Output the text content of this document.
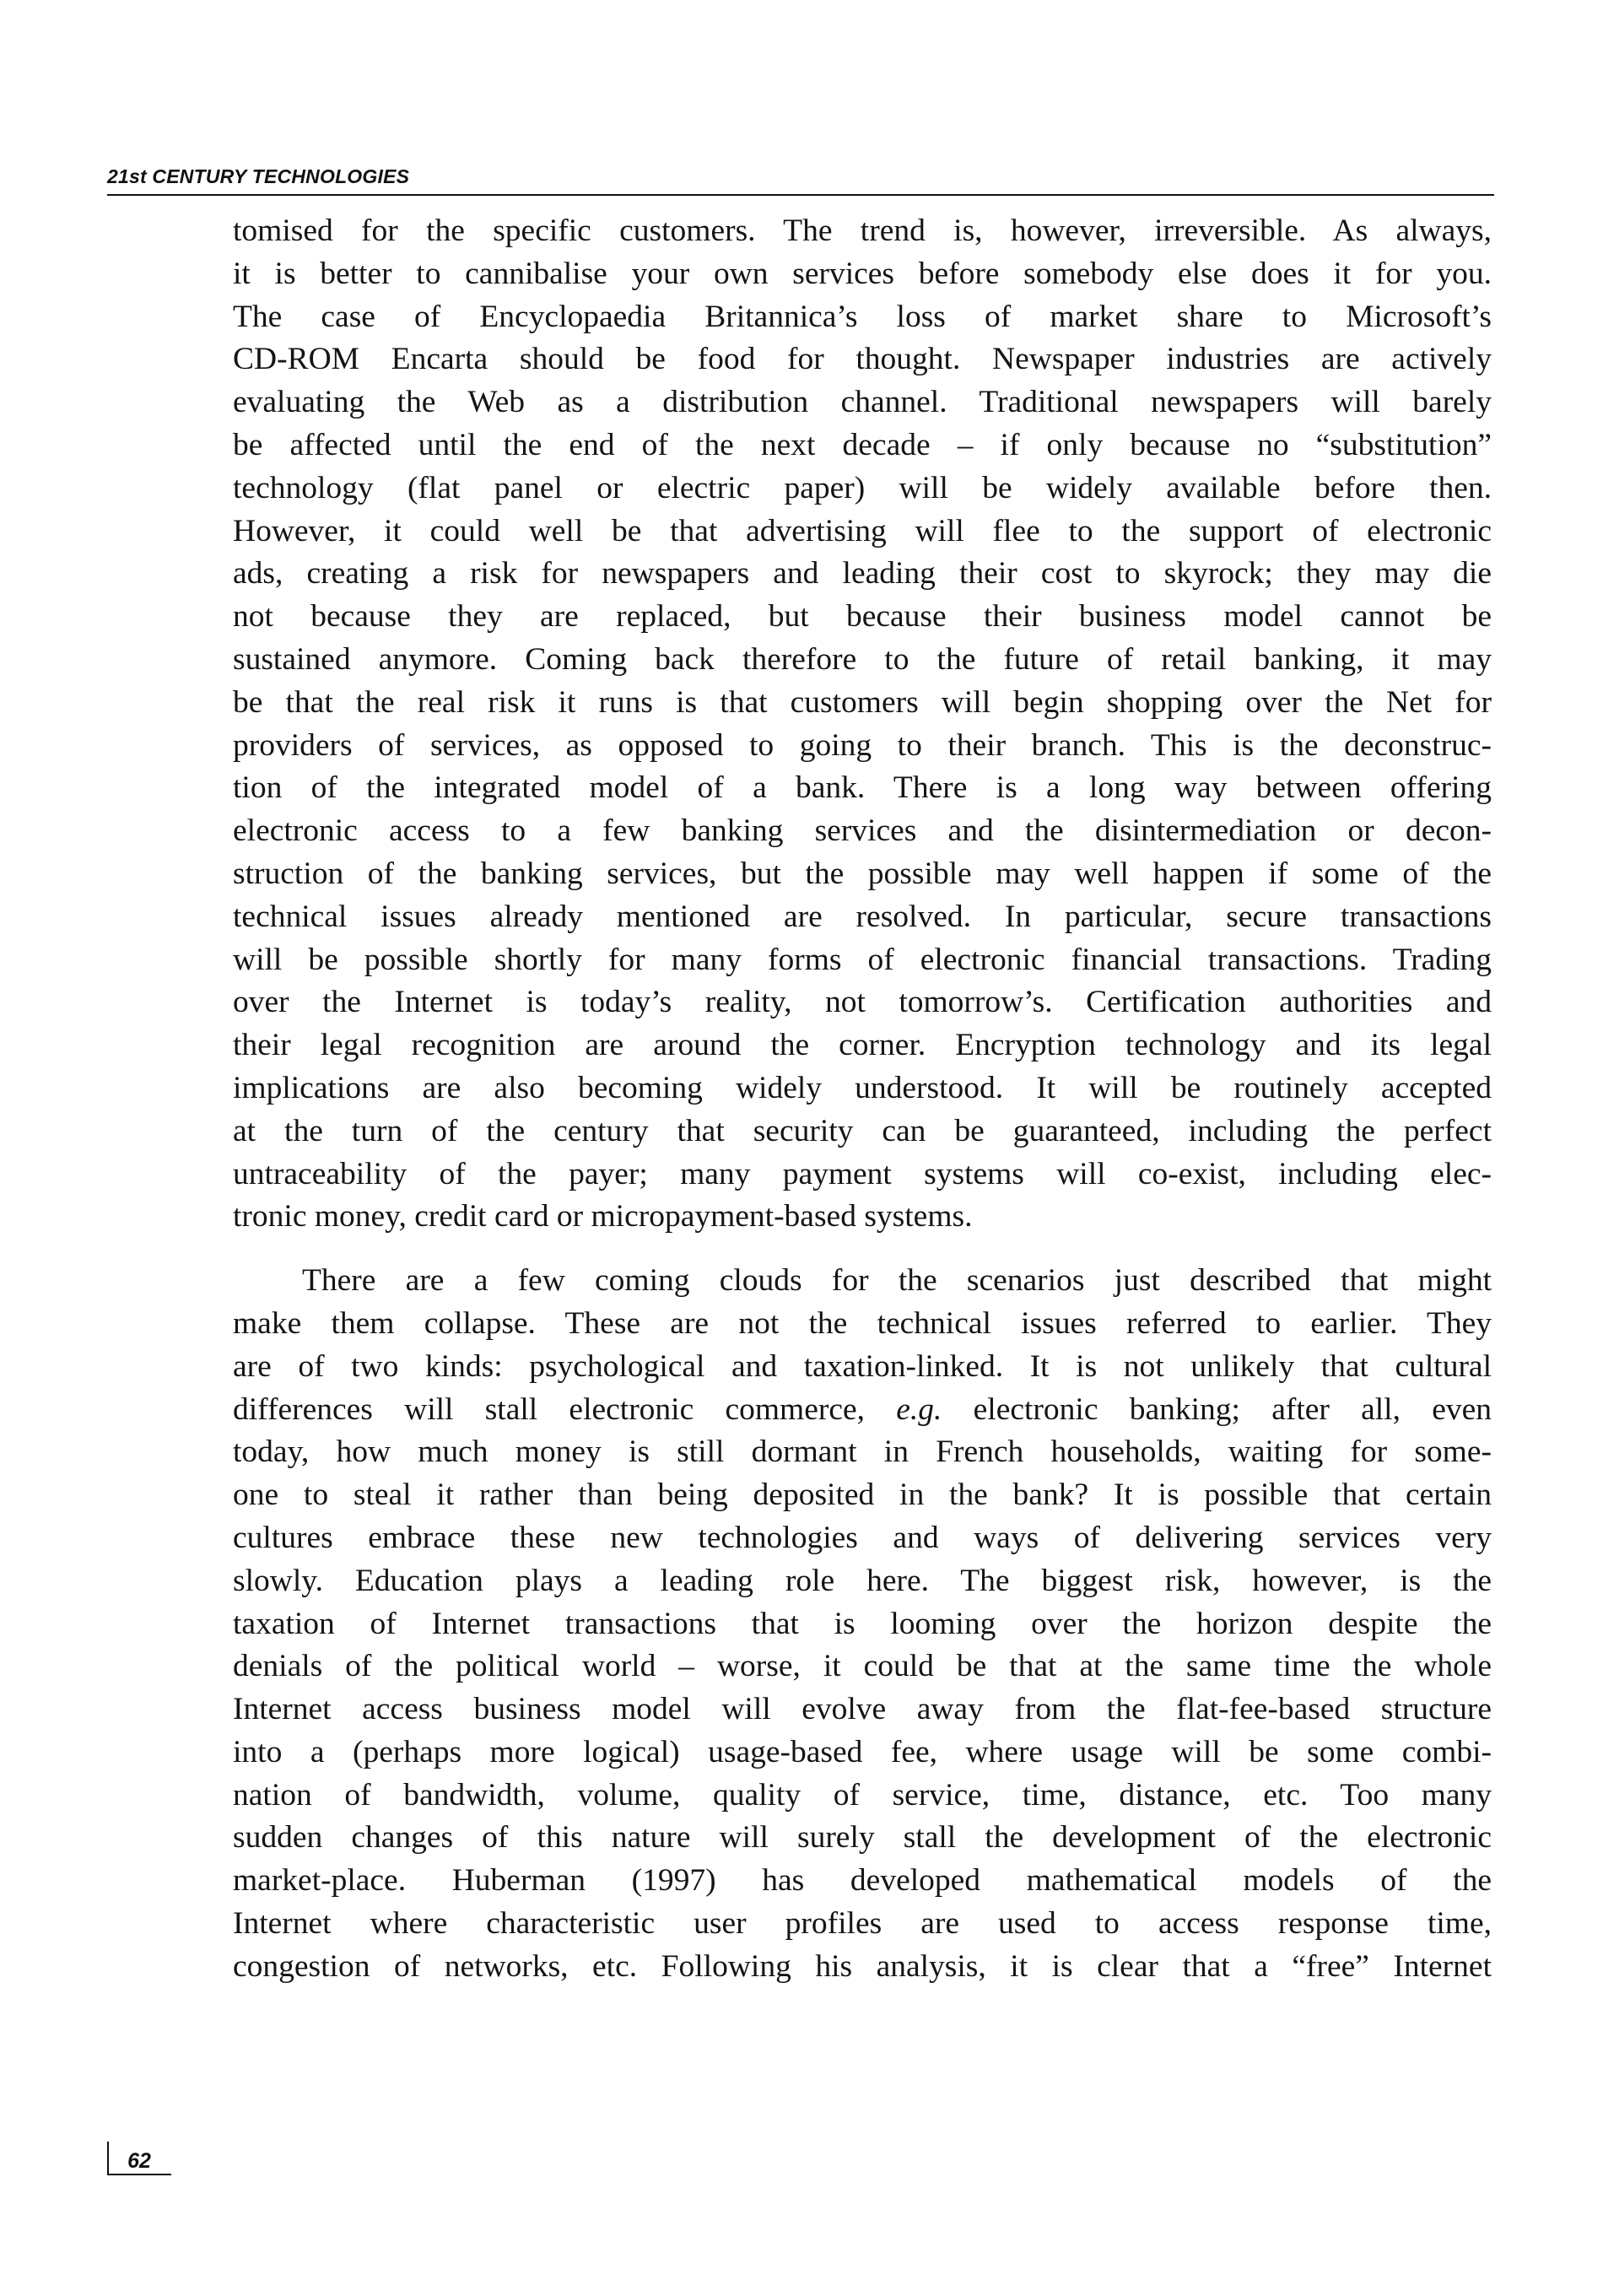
21st CENTURY TECHNOLOGIES

tomised for the specific customers. The trend is, however, irreversible. As always,

it is better to cannibalise your own services before somebody else does it for you.

The case of Encyclopaedia Britannica’s loss of market share to Microsoft’s

CD-ROM Encarta should be food for thought. Newspaper industries are actively

evaluating the Web as a distribution channel. Traditional newspapers will barely

be affected until the end of the next decade – if only because no “substitution”

technology (flat panel or electric paper) will be widely available before then.

However, it could well be that advertising will flee to the support of electronic

ads, creating a risk for newspapers and leading their cost to skyrock; they may die

not because they are replaced, but because their business model cannot be

sustained anymore. Coming back therefore to the future of retail banking, it may

be that the real risk it runs is that customers will begin shopping over the Net for

providers of services, as opposed to going to their branch. This is the deconstruc-

tion of the integrated model of a bank. There is a long way between offering

electronic access to a few banking services and the disintermediation or decon-

struction of the banking services, but the possible may well happen if some of the

technical issues already mentioned are resolved. In particular, secure transactions

will be possible shortly for many forms of electronic financial transactions. Trading

over the Internet is today’s reality, not tomorrow’s. Certification authorities and

their legal recognition are around the corner. Encryption technology and its legal

implications are also becoming widely understood. It will be routinely accepted

at the turn of the century that security can be guaranteed, including the perfect

untraceability of the payer; many payment systems will co-exist, including elec-

tronic money, credit card or micropayment-based systems.

There are a few coming clouds for the scenarios just described that might

make them collapse. These are not the technical issues referred to earlier. They

are of two kinds: psychological and taxation-linked. It is not unlikely that cultural

differences will stall electronic commerce, e.g. electronic banking; after all, even

today, how much money is still dormant in French households, waiting for some-

one to steal it rather than being deposited in the bank? It is possible that certain

cultures embrace these new technologies and ways of delivering services very

slowly. Education plays a leading role here. The biggest risk, however, is the

taxation of Internet transactions that is looming over the horizon despite the

denials of the political world – worse, it could be that at the same time the whole

Internet access business model will evolve away from the flat-fee-based structure

into a (perhaps more logical) usage-based fee, where usage will be some combi-

nation of bandwidth, volume, quality of service, time, distance, etc. Too many

sudden changes of this nature will surely stall the development of the electronic

market-place. Huberman (1997) has developed mathematical models of the

Internet where characteristic user profiles are used to access response time,

congestion of networks, etc. Following his analysis, it is clear that a “free” Internet

62
